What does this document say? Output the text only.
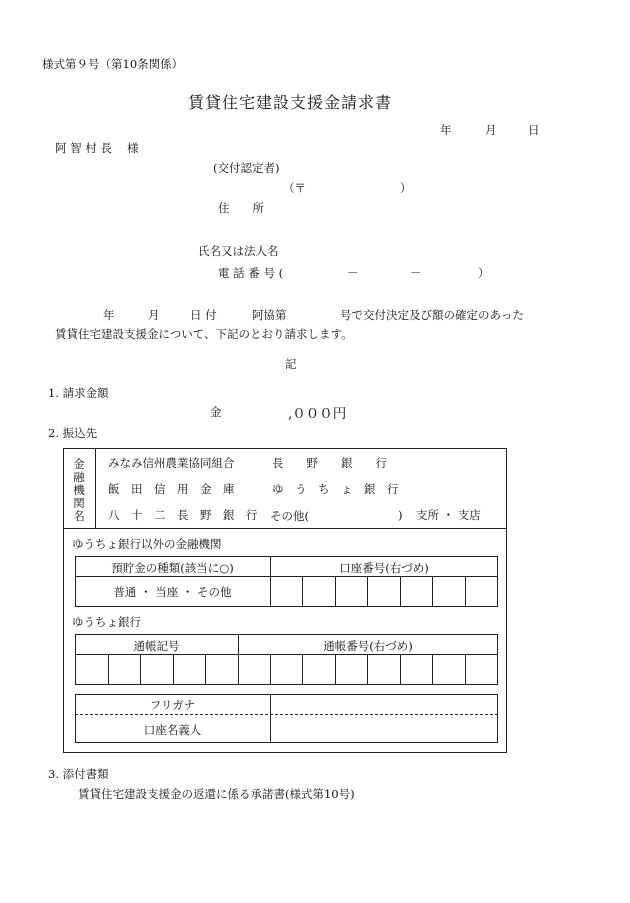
様式第９号（第10条関係）
賃貸住宅建設支援金請求書
年	月	日
阿 智 村 長　 様
(交付認定者)
（〒	）
住　　所
氏名又は法人名
電 話 番 号 (	－	－	）
年	月	日 付	阿協第	号で交付決定及び額の確定のあった
賃貸住宅建設支援金について、下記のとおり請求します。
記
1. 請求金額
金	,０００円
2. 振込先
金融機関名
みなみ信州農業協同組合	長　　野　　銀　　行
飯　田　信　用　金　庫	ゆ　う　ち　ょ　銀　行
八　十　二　長　野　銀　行 その他(	) 支所 ・ 支店
ゆうちょ銀行以外の金融機関
預貯金の種類(該当に○)	口座番号(右づめ)
普通 ・ 当座 ・ その他
ゆうちょ銀行
通帳記号	通帳番号(右づめ)
フリガナ
口座名義人
3. 添付書類
賃貸住宅建設支援金の返還に係る承諾書(様式第10号)
